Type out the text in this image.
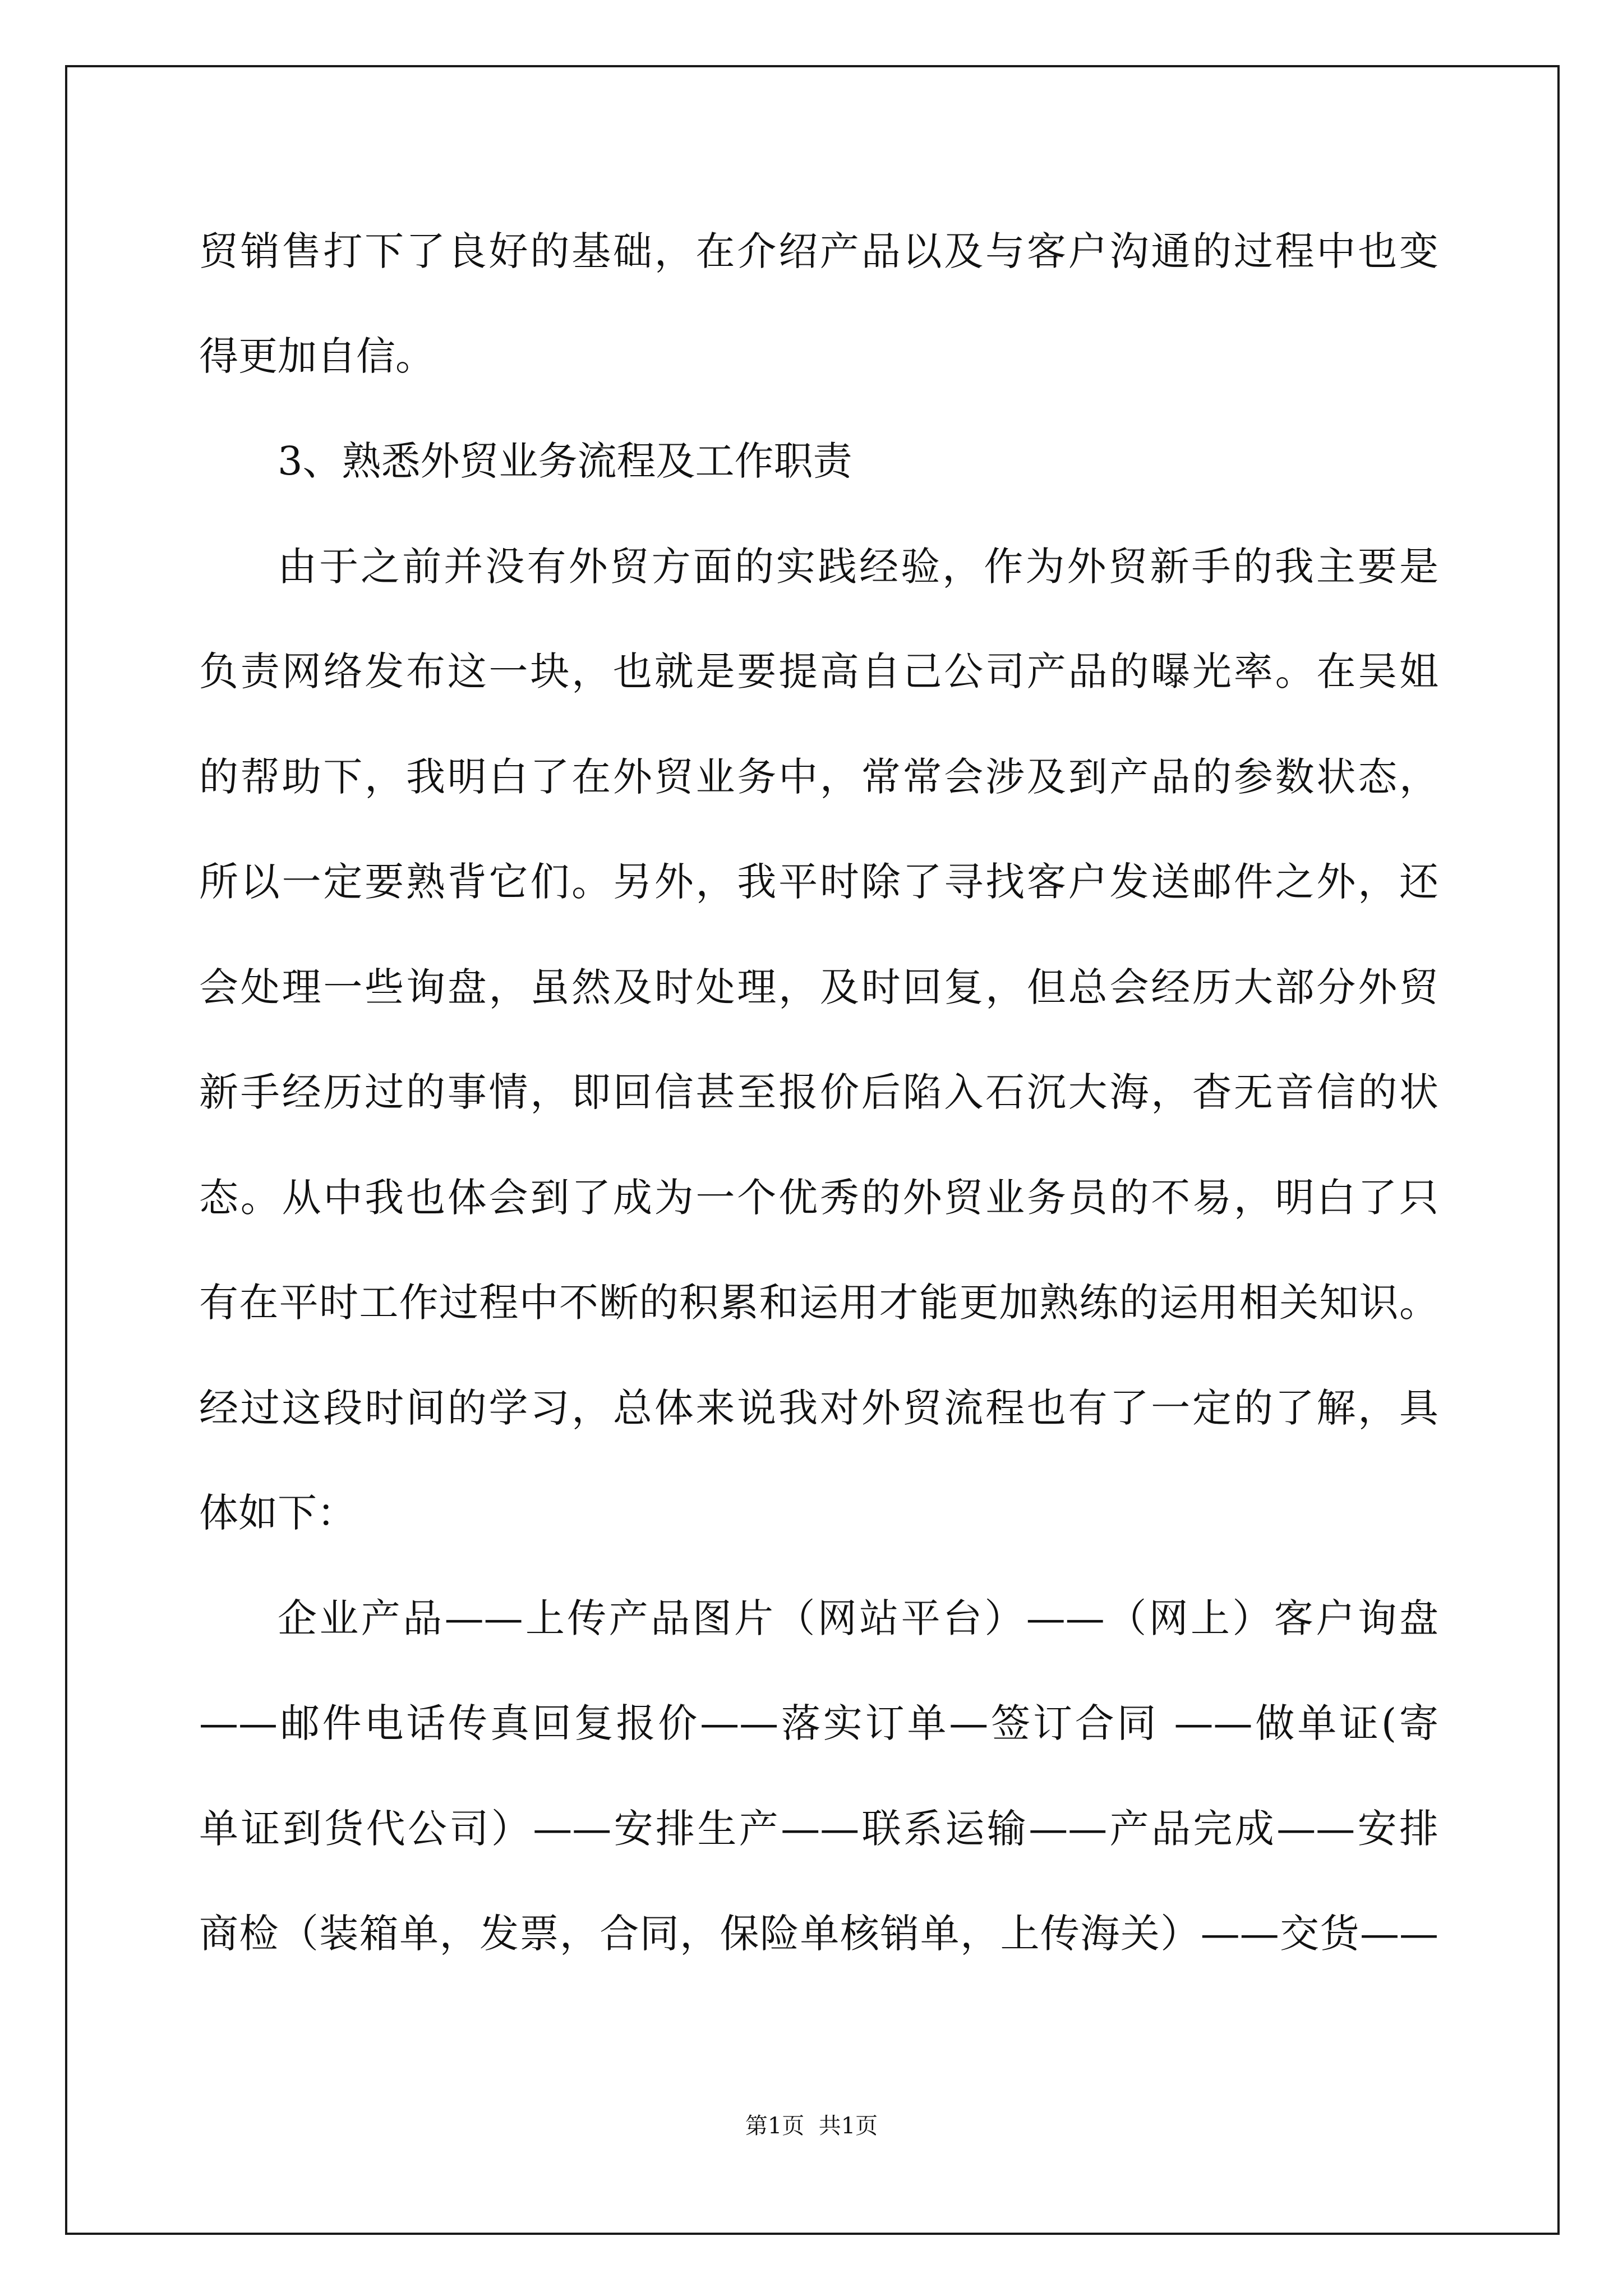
贸销售打下了良好的基础，在介绍产品以及与客户沟通的过程中也变
得更加自信。
3、熟悉外贸业务流程及工作职责
由于之前并没有外贸方面的实践经验，作为外贸新手的我主要是
负责网络发布这一块，也就是要提高自己公司产品的曝光率。在吴姐
的帮助下，我明白了在外贸业务中，常常会涉及到产品的参数状态，
所以一定要熟背它们。另外，我平时除了寻找客户发送邮件之外，还
会处理一些询盘，虽然及时处理，及时回复，但总会经历大部分外贸
新手经历过的事情，即回信甚至报价后陷入石沉大海，杳无音信的状
态。从中我也体会到了成为一个优秀的外贸业务员的不易，明白了只
有在平时工作过程中不断的积累和运用才能更加熟练的运用相关知识。
经过这段时间的学习，总体来说我对外贸流程也有了一定的了解，具
体如下：
企业产品——上传产品图片（网站平台）——（网上）客户询盘
——邮件电话传真回复报价——落实订单—签订合同 ——做单证(寄
单证到货代公司）——安排生产——联系运输——产品完成——安排
商检（装箱单，发票，合同，保险单核销单，上传海关）——交货——
第1页  共1页
